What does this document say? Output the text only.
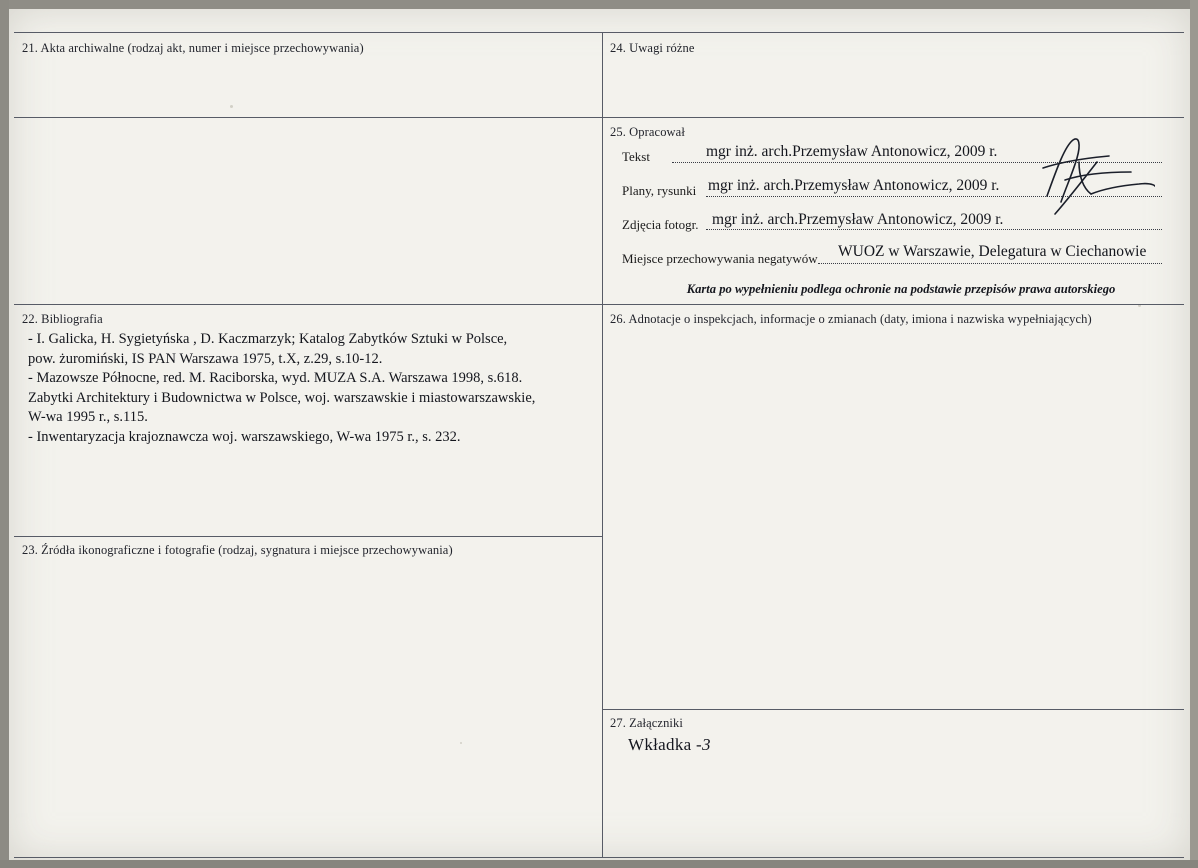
21. Akta archiwalne (rodzaj akt, numer i miejsce przechowywania)
22. Bibliografia
- I. Galicka, H. Sygietyńska , D. Kaczmarzyk; Katalog Zabytków Sztuki w Polsce,
pow. żuromiński, IS PAN Warszawa 1975, t.X, z.29, s.10-12.
- Mazowsze Północne, red. M. Raciborska, wyd. MUZA S.A. Warszawa 1998, s.618.
Zabytki Architektury i Budownictwa w Polsce, woj. warszawskie i miastowarszawskie,
W-wa 1995 r., s.115.
- Inwentaryzacja krajoznawcza woj. warszawskiego, W-wa 1975 r., s. 232.
23. Źródła ikonograficzne i fotografie (rodzaj, sygnatura i miejsce przechowywania)
24. Uwagi różne
25. Opracował
Tekst	mgr inż. arch.Przemysław Antonowicz, 2009 r.
Plany, rysunki mgr inż. arch.Przemysław Antonowicz, 2009 r.
Zdjęcia fotogr. mgr inż. arch.Przemysław Antonowicz, 2009 r.
Miejsce przechowywania negatywów WUOZ w Warszawie, Delegatura w Ciechanowie
Karta po wypełnieniu podlega ochronie na podstawie przepisów prawa autorskiego
26. Adnotacje o inspekcjach, informacje o zmianach (daty, imiona i nazwiska wypełniających)
27. Załączniki
Wkładka -3
